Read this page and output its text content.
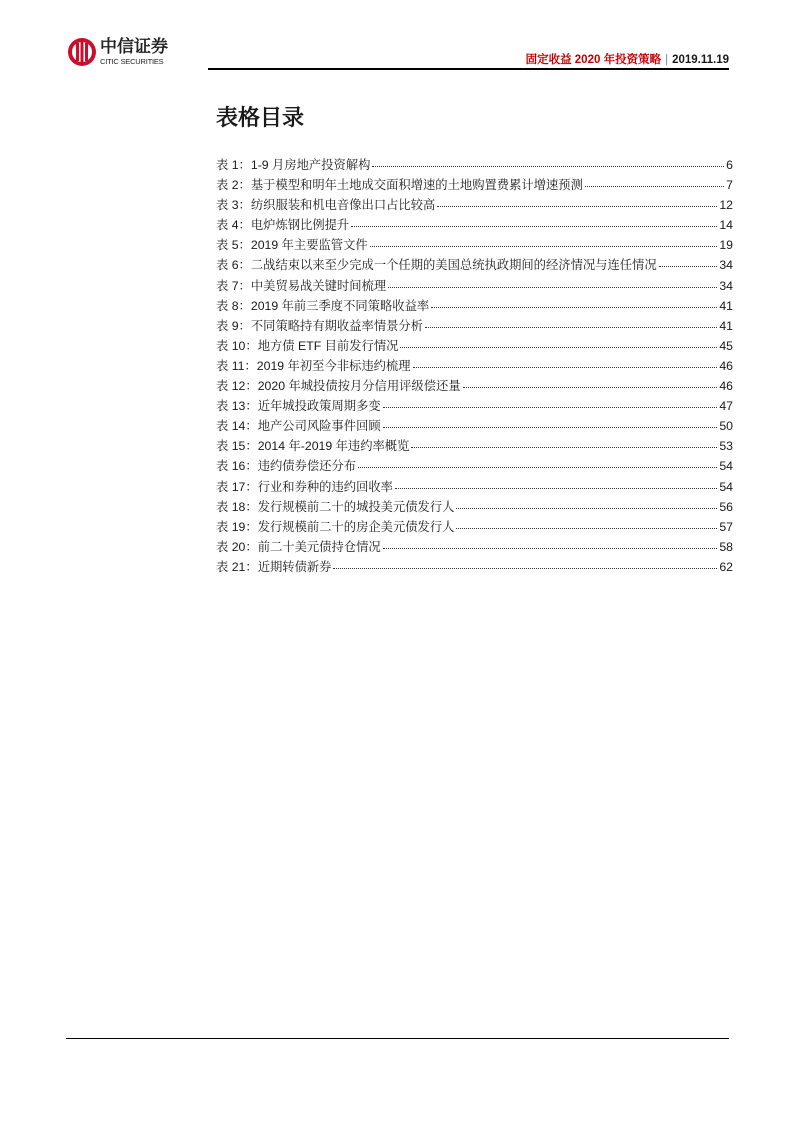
中信证券
CITIC SECURITIES	固定收益 2020 年投资策略 | 2019.11.19
表格目录
表 1：1-9 月房地产投资解构	6
表 2：基于模型和明年土地成交面积增速的土地购置费累计增速预测	7
表 3：纺织服装和机电音像出口占比较高	12
表 4：电炉炼钢比例提升	14
表 5：2019 年主要监管文件	19
表 6：二战结束以来至少完成一个任期的美国总统执政期间的经济情况与连任情况	34
表 7：中美贸易战关键时间梳理	34
表 8：2019 年前三季度不同策略收益率	41
表 9：不同策略持有期收益率情景分析	41
表 10：地方债 ETF 目前发行情况	45
表 11：2019 年初至今非标违约梳理	46
表 12：2020 年城投债按月分信用评级偿还量	46
表 13：近年城投政策周期多变	47
表 14：地产公司风险事件回顾	50
表 15：2014 年-2019 年违约率概览	53
表 16：违约债券偿还分布	54
表 17：行业和券种的违约回收率	54
表 18：发行规模前二十的城投美元债发行人	56
表 19：发行规模前二十的房企美元债发行人	57
表 20：前二十美元债持仓情况	58
表 21：近期转债新券	62
